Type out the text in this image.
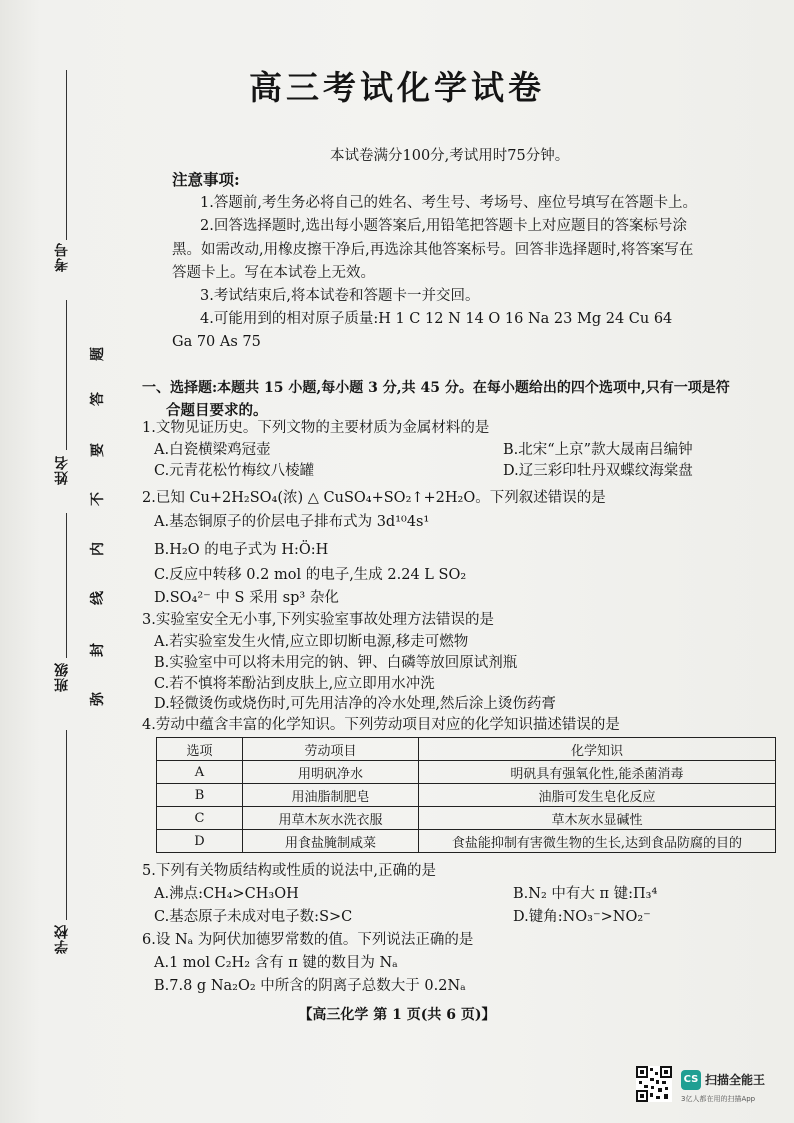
考号
姓名
班级
学校
题
答
要
不
内
线
封
弥
高三考试化学试卷
本试卷满分100分,考试用时75分钟。
注意事项:
1.答题前,考生务必将自己的姓名、考生号、考场号、座位号填写在答题卡上。
2.回答选择题时,选出每小题答案后,用铅笔把答题卡上对应题目的答案标号涂
黑。如需改动,用橡皮擦干净后,再选涂其他答案标号。回答非选择题时,将答案写在
答题卡上。写在本试卷上无效。
3.考试结束后,将本试卷和答题卡一并交回。
4.可能用到的相对原子质量:H 1 C 12 N 14 O 16 Na 23 Mg 24 Cu 64
Ga 70 As 75
一、选择题:本题共 15 小题,每小题 3 分,共 45 分。在每小题给出的四个选项中,只有一项是符
合题目要求的。
1.文物见证历史。下列文物的主要材质为金属材料的是
A.白瓷横梁鸡冠壶	B.北宋“上京”款大晟南吕编钟
C.元青花松竹梅纹八棱罐	D.辽三彩印牡丹双蝶纹海棠盘
2.已知 Cu+2H₂SO₄(浓) △ CuSO₄+SO₂↑+2H₂O。下列叙述错误的是
A.基态铜原子的价层电子排布式为 3d¹⁰4s¹
B.H₂O 的电子式为 H:Ö:H
C.反应中转移 0.2 mol 的电子,生成 2.24 L SO₂
D.SO₄²⁻ 中 S 采用 sp³ 杂化
3.实验室安全无小事,下列实验室事故处理方法错误的是
A.若实验室发生火情,应立即切断电源,移走可燃物
B.实验室中可以将未用完的钠、钾、白磷等放回原试剂瓶
C.若不慎将苯酚沾到皮肤上,应立即用水冲洗
D.轻微烫伤或烧伤时,可先用洁净的冷水处理,然后涂上烫伤药膏
4.劳动中蕴含丰富的化学知识。下列劳动项目对应的化学知识描述错误的是
选项	劳动项目	化学知识
A	用明矾净水	明矾具有强氧化性,能杀菌消毒
B	用油脂制肥皂	油脂可发生皂化反应
C	用草木灰水洗衣服	草木灰水显碱性
D	用食盐腌制咸菜	食盐能抑制有害微生物的生长,达到食品防腐的目的
5.下列有关物质结构或性质的说法中,正确的是
A.沸点:CH₄>CH₃OH	B.N₂ 中有大 π 键:Π₃⁴
C.基态原子未成对电子数:S>C	D.键角:NO₃⁻>NO₂⁻
6.设 Nₐ 为阿伏加德罗常数的值。下列说法正确的是
A.1 mol C₂H₂ 含有 π 键的数目为 Nₐ
B.7.8 g Na₂O₂ 中所含的阴离子总数大于 0.2Nₐ
【高三化学 第 1 页(共 6 页)】
CS 扫描全能王
3亿人都在用的扫描App
